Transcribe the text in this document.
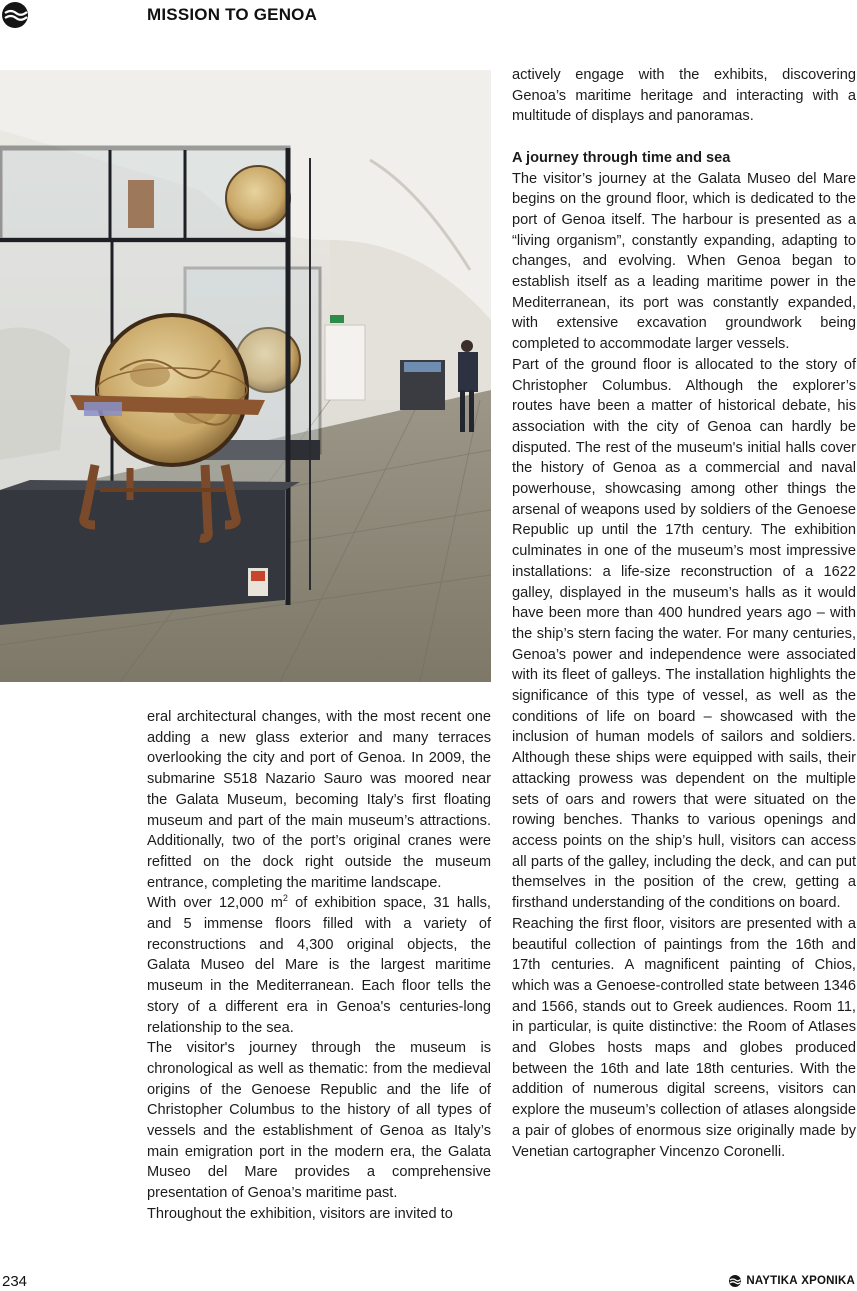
MISSION TO GENOA

eral architectural changes, with the most recent one adding a new glass exterior and many terraces overlooking the city and port of Genoa. In 2009, the submarine S518 Nazario Sauro was moored near the Galata Museum, becoming Italy’s first floating museum and part of the main museum’s attractions. Additionally, two of the port’s original cranes were refitted on the dock right outside the museum entrance, completing the maritime landscape.

With over 12,000 $m^2$ of exhibition space, 31 halls, and 5 immense floors filled with a variety of reconstructions and 4,300 original objects, the Galata Museo del Mare is the largest maritime museum in the Mediterranean. Each floor tells the story of a different era in Genoa's centuries-long relationship to the sea.

The visitor's journey through the museum is chronological as well as thematic: from the medieval origins of the Genoese Republic and the life of Christopher Columbus to the history of all types of vessels and the establishment of Genoa as Italy’s main emigration port in the modern era, the Galata Museo del Mare provides a comprehensive presentation of Genoa’s maritime past.

Throughout the exhibition, visitors are invited to

actively engage with the exhibits, discovering Genoa’s maritime heritage and interacting with a multitude of displays and panoramas.

A journey through time and sea

The visitor’s journey at the Galata Museo del Mare begins on the ground floor, which is dedicated to the port of Genoa itself. The harbour is presented as a “living organism”, constantly expanding, adapting to changes, and evolving. When Genoa began to establish itself as a leading maritime power in the Mediterranean, its port was constantly expanded, with extensive excavation groundwork being completed to accommodate larger vessels.

Part of the ground floor is allocated to the story of Christopher Columbus. Although the explorer’s routes have been a matter of historical debate, his association with the city of Genoa can hardly be disputed. The rest of the museum's initial halls cover the history of Genoa as a commercial and naval powerhouse, showcasing among other things the arsenal of weapons used by soldiers of the Genoese Republic up until the 17th century. The exhibition culminates in one of the museum’s most impressive installations: a life-size reconstruction of a 1622 galley, displayed in the museum’s halls as it would have been more than 400 hundred years ago – with the ship’s stern facing the water. For many centuries, Genoa’s power and independence were associated with its fleet of galleys. The installation highlights the significance of this type of vessel, as well as the conditions of life on board – showcased with the inclusion of human models of sailors and soldiers. Although these ships were equipped with sails, their attacking prowess was dependent on the multiple sets of oars and rowers that were situated on the rowing benches. Thanks to various openings and access points on the ship’s hull, visitors can access all parts of the galley, including the deck, and can put themselves in the position of the crew, getting a firsthand understanding of the conditions on board.

Reaching the first floor, visitors are presented with a beautiful collection of paintings from the 16th and 17th centuries. A magnificent painting of Chios, which was a Genoese-controlled state between 1346 and 1566, stands out to Greek audiences. Room 11, in particular, is quite distinctive: the Room of Atlases and Globes hosts maps and globes produced between the 16th and late 18th centuries. With the addition of numerous digital screens, visitors can explore the museum’s collection of atlases alongside a pair of globes of enormous size originally made by Venetian cartographer Vincenzo Coronelli.

234	ΝΑΥΤΙΚΑ ΧΡΟΝΙΚΑ
